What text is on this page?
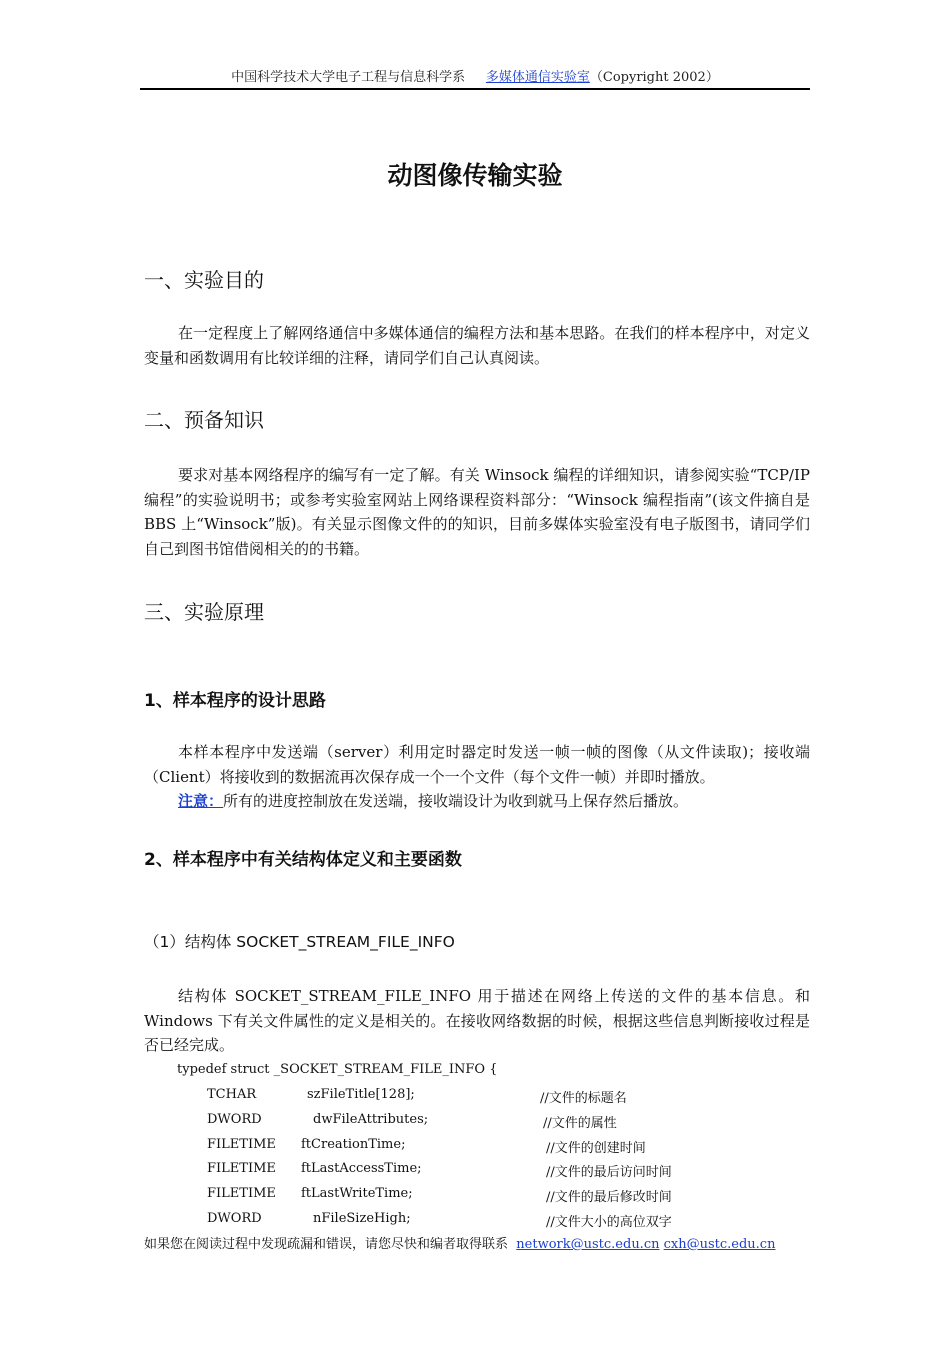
中国科学技术大学电子工程与信息科学系 多媒体通信实验室（Copyright 2002）
动图像传输实验
一、实验目的

在一定程度上了解网络通信中多媒体通信的编程方法和基本思路。在我们的样本程序中，对定义变量和函数调用有比较详细的注释，请同学们自己认真阅读。

二、预备知识

要求对基本网络程序的编写有一定了解。有关 Winsock 编程的详细知识，请参阅实验“TCP/IP 编程”的实验说明书；或参考实验室网站上网络课程资料部分：“Winsock 编程指南”(该文件摘自是 BBS 上“Winsock”版)。有关显示图像文件的的知识，目前多媒体实验室没有电子版图书，请同学们自己到图书馆借阅相关的的书籍。

三、实验原理
1、样本程序的设计思路

本样本程序中发送端（server）利用定时器定时发送一帧一帧的图像（从文件读取)；接收端（Client）将接收到的数据流再次保存成一个一个文件（每个文件一帧）并即时播放。

注意：所有的进度控制放在发送端，接收端设计为收到就马上保存然后播放。

2、样本程序中有关结构体定义和主要函数
（1）结构体 SOCKET_STREAM_FILE_INFO

结构体 SOCKET_STREAM_FILE_INFO 用于描述在网络上传送的文件的基本信息。和 Windows 下有关文件属性的定义是相关的。在接收网络数据的时候，根据这些信息判断接收过程是否已经完成。

typedef struct _SOCKET_STREAM_FILE_INFO {
TCHAR	szFileTitle[128];	//文件的标题名
DWORD	dwFileAttributes;	//文件的属性
FILETIME ftCreationTime;	//文件的创建时间
FILETIME ftLastAccessTime;	//文件的最后访问时间
FILETIME ftLastWriteTime;	//文件的最后修改时间
DWORD	nFileSizeHigh;	//文件大小的高位双字
如果您在阅读过程中发现疏漏和错误，请您尽快和编者取得联系 network@ustc.edu.cn cxh@ustc.edu.cn
